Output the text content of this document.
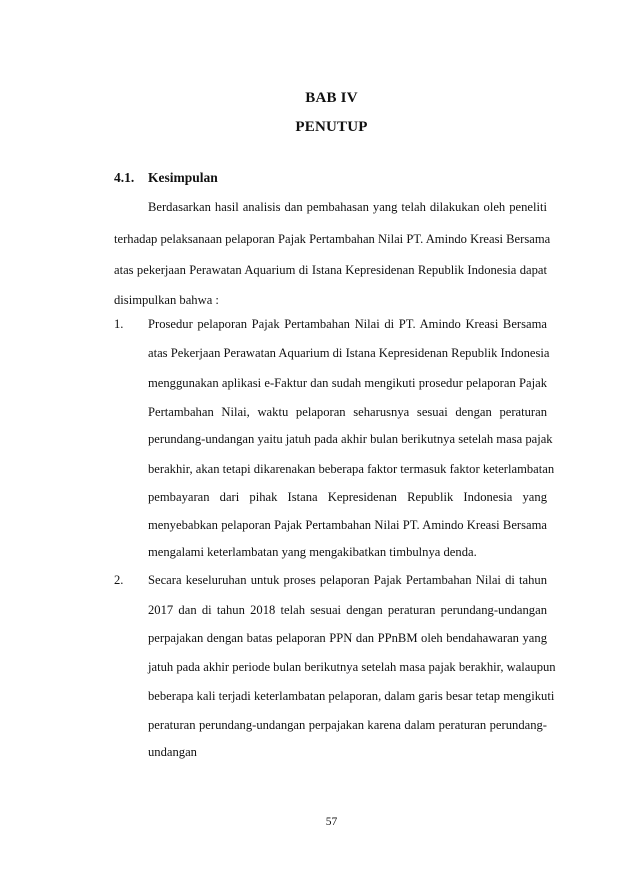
BAB IV
PENUTUP
4.1. Kesimpulan
Berdasarkan hasil analisis dan pembahasan yang telah dilakukan oleh peneliti
terhadap pelaksanaan pelaporan Pajak Pertambahan Nilai PT. Amindo Kreasi Bersama
atas pekerjaan Perawatan Aquarium di Istana Kepresidenan Republik Indonesia dapat
disimpulkan bahwa :
1. Prosedur pelaporan Pajak Pertambahan Nilai di PT. Amindo Kreasi Bersama
atas Pekerjaan Perawatan Aquarium di Istana Kepresidenan Republik Indonesia
menggunakan aplikasi e-Faktur dan sudah mengikuti prosedur pelaporan Pajak
Pertambahan Nilai, waktu pelaporan seharusnya sesuai dengan peraturan
perundang-undangan yaitu jatuh pada akhir bulan berikutnya setelah masa pajak
berakhir, akan tetapi dikarenakan beberapa faktor termasuk faktor keterlambatan
pembayaran dari pihak Istana Kepresidenan Republik Indonesia yang
menyebabkan pelaporan Pajak Pertambahan Nilai PT. Amindo Kreasi Bersama
mengalami keterlambatan yang mengakibatkan timbulnya denda.
2. Secara keseluruhan untuk proses pelaporan Pajak Pertambahan Nilai di tahun
2017 dan di tahun 2018 telah sesuai dengan peraturan perundang-undangan
perpajakan dengan batas pelaporan PPN dan PPnBM oleh bendahawaran yang
jatuh pada akhir periode bulan berikutnya setelah masa pajak berakhir, walaupun
beberapa kali terjadi keterlambatan pelaporan, dalam garis besar tetap mengikuti
peraturan perundang-undangan perpajakan karena dalam peraturan perundang-
undangan
57
